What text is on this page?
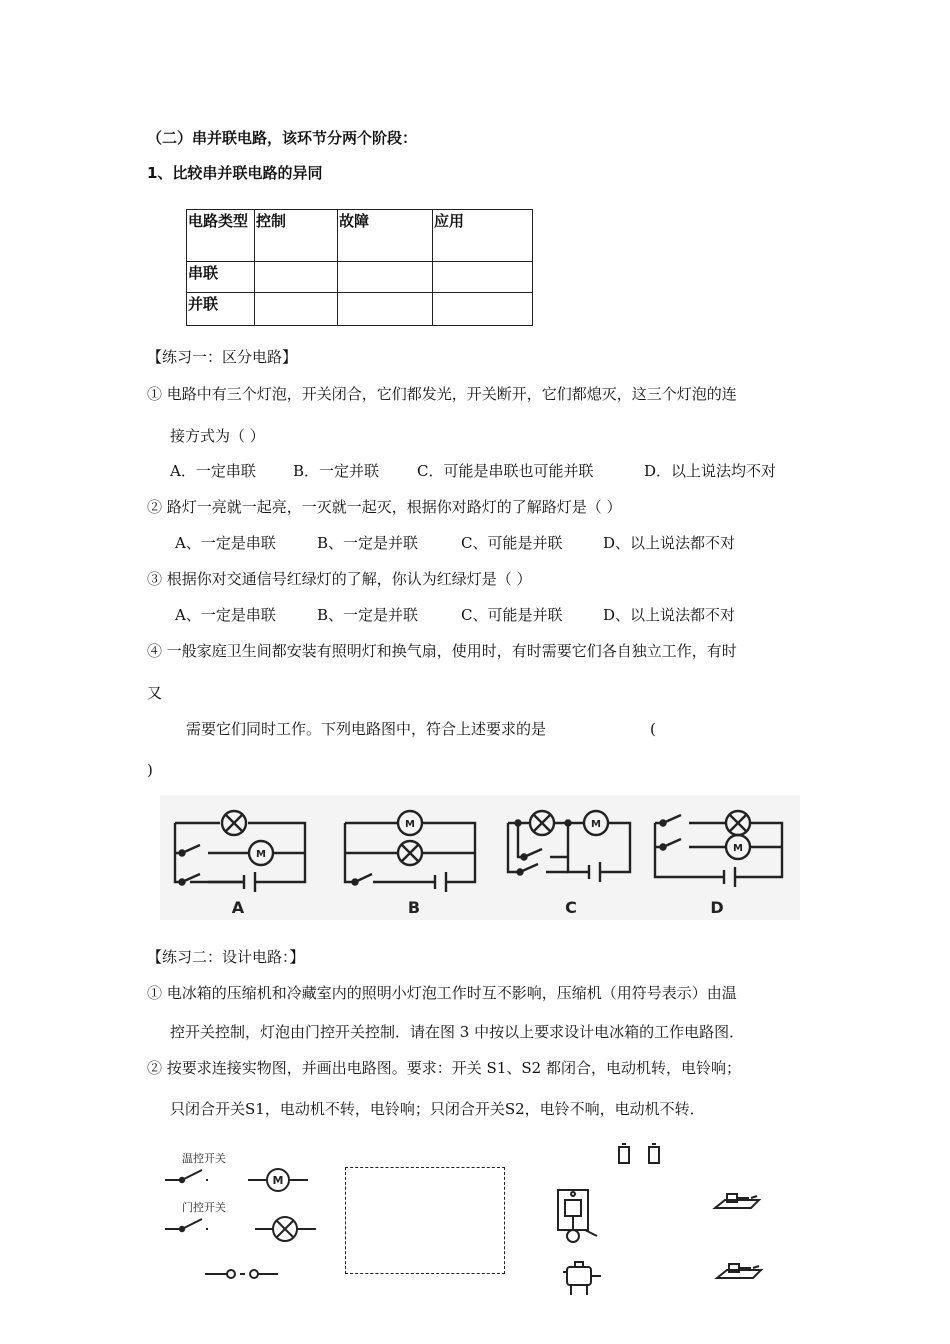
（二）串并联电路，该环节分两个阶段：
1、比较串并联电路的异同
电路类型	控制	故障	应用
串联			
并联			
【练习一：区分电路】
① 电路中有三个灯泡，开关闭合，它们都发光，开关断开，它们都熄灭，这三个灯泡的连
接方式为（ ）
A．一定串联 B．一定并联	C．可能是串联也可能并联	D．以上说法均不对
② 路灯一亮就一起亮，一灭就一起灭，根据你对路灯的了解路灯是（ ）
A、一定是串联	B、一定是并联	C、可能是并联	D、以上说法都不对
③ 根据你对交通信号红绿灯的了解，你认为红绿灯是（ ）
A、一定是串联	B、一定是并联	C、可能是并联	D、以上说法都不对
④ 一般家庭卫生间都安装有照明灯和换气扇，使用时，有时需要它们各自独立工作，有时
又
需要它们同时工作。下列电路图中，符合上述要求的是	(
)
M
M	M
M
A	B	C	D
【练习二：设计电路：】
① 电冰箱的压缩机和冷藏室内的照明小灯泡工作时互不影响，压缩机（用符号表示）由温
控开关控制，灯泡由门控开关控制．请在图 3 中按以上要求设计电冰箱的工作电路图．
② 按要求连接实物图，并画出电路图。要求：开关 S1、S2 都闭合，电动机转，电铃响；
只闭合开关S1，电动机不转，电铃响；只闭合开关S2，电铃不响，电动机不转．
温控开关
门控开关
M
